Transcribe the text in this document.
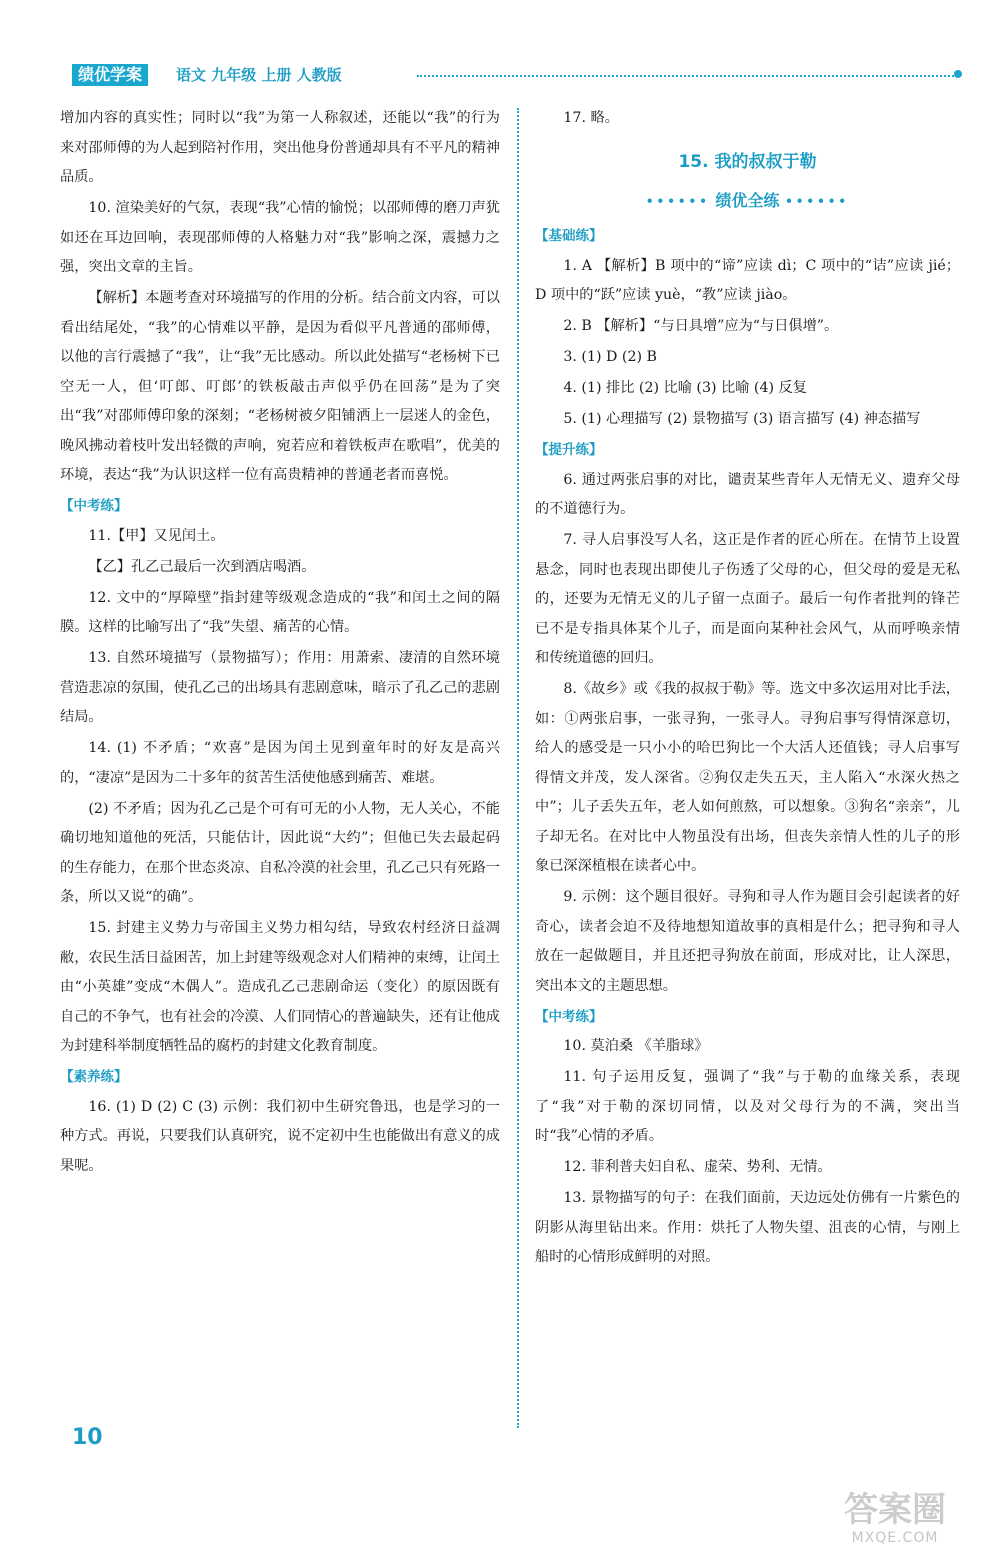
绩优学案	语文 九年级 上册 人教版

增加内容的真实性；同时以“我”为第一人称叙述，还能以“我”的行为来对邵师傅的为人起到陪衬作用，突出他身份普通却具有不平凡的精神品质。

10. 渲染美好的气氛，表现“我”心情的愉悦；以邵师傅的磨刀声犹如还在耳边回响，表现邵师傅的人格魅力对“我”影响之深，震撼力之强，突出文章的主旨。

【解析】本题考查对环境描写的作用的分析。结合前文内容，可以看出结尾处，“我”的心情难以平静，是因为看似平凡普通的邵师傅，以他的言行震撼了“我”，让“我”无比感动。所以此处描写“老杨树下已空无一人，但‘叮郎、叮郎’的铁板敲击声似乎仍在回荡”是为了突出“我”对邵师傅印象的深刻；“老杨树被夕阳铺洒上一层迷人的金色，晚风拂动着枝叶发出轻微的声响，宛若应和着铁板声在歌唱”，优美的环境，表达“我”为认识这样一位有高贵精神的普通老者而喜悦。

【中考练】

11.【甲】又见闰土。

【乙】孔乙己最后一次到酒店喝酒。

12. 文中的“厚障壁”指封建等级观念造成的“我”和闰土之间的隔膜。这样的比喻写出了“我”失望、痛苦的心情。

13. 自然环境描写（景物描写）；作用：用萧索、凄清的自然环境营造悲凉的氛围，使孔乙己的出场具有悲剧意味，暗示了孔乙己的悲剧结局。

14. (1) 不矛盾；“欢喜”是因为闰土见到童年时的好友是高兴的，“凄凉”是因为二十多年的贫苦生活使他感到痛苦、难堪。

(2) 不矛盾；因为孔乙己是个可有可无的小人物，无人关心，不能确切地知道他的死活，只能估计，因此说“大约”；但他已失去最起码的生存能力，在那个世态炎凉、自私冷漠的社会里，孔乙己只有死路一条，所以又说“的确”。

15. 封建主义势力与帝国主义势力相勾结，导致农村经济日益凋敝，农民生活日益困苦，加上封建等级观念对人们精神的束缚，让闰土由“小英雄”变成“木偶人”。造成孔乙己悲剧命运（变化）的原因既有自己的不争气，也有社会的冷漠、人们同情心的普遍缺失，还有让他成为封建科举制度牺牲品的腐朽的封建文化教育制度。

【素养练】

16. (1) D (2) C (3) 示例：我们初中生研究鲁迅，也是学习的一种方式。再说，只要我们认真研究，说不定初中生也能做出有意义的成果呢。

17. 略。

15. 我的叔叔于勒
•••••• 绩优全练 ••••••
【基础练】

1. A 【解析】B 项中的“谛”应读 dì；C 项中的“诘”应读 jié；D 项中的“跃”应读 yuè，“教”应读 jiào。

2. B 【解析】“与日具增”应为“与日俱增”。

3. (1) D (2) B

4. (1) 排比 (2) 比喻 (3) 比喻 (4) 反复

5. (1) 心理描写 (2) 景物描写 (3) 语言描写 (4) 神态描写

【提升练】

6. 通过两张启事的对比，谴责某些青年人无情无义、遗弃父母的不道德行为。

7. 寻人启事没写人名，这正是作者的匠心所在。在情节上设置悬念，同时也表现出即使儿子伤透了父母的心，但父母的爱是无私的，还要为无情无义的儿子留一点面子。最后一句作者批判的锋芒已不是专指具体某个儿子，而是面向某种社会风气，从而呼唤亲情和传统道德的回归。

8.《故乡》或《我的叔叔于勒》等。选文中多次运用对比手法，如：①两张启事，一张寻狗，一张寻人。寻狗启事写得情深意切，给人的感受是一只小小的哈巴狗比一个大活人还值钱；寻人启事写得情文并茂，发人深省。②狗仅走失五天，主人陷入“水深火热之中”；儿子丢失五年，老人如何煎熬，可以想象。③狗名“亲亲”，儿子却无名。在对比中人物虽没有出场，但丧失亲情人性的儿子的形象已深深植根在读者心中。

9. 示例：这个题目很好。寻狗和寻人作为题目会引起读者的好奇心，读者会迫不及待地想知道故事的真相是什么；把寻狗和寻人放在一起做题目，并且还把寻狗放在前面，形成对比，让人深思，突出本文的主题思想。

【中考练】

10. 莫泊桑 《羊脂球》

11. 句子运用反复，强调了“我”与于勒的血缘关系，表现了“我”对于勒的深切同情，以及对父母行为的不满，突出当时“我”心情的矛盾。

12. 菲利普夫妇自私、虚荣、势利、无情。

13. 景物描写的句子：在我们面前，天边远处仿佛有一片紫色的阴影从海里钻出来。作用：烘托了人物失望、沮丧的心情，与刚上船时的心情形成鲜明的对照。

10
答案圈
MXQE.COM
